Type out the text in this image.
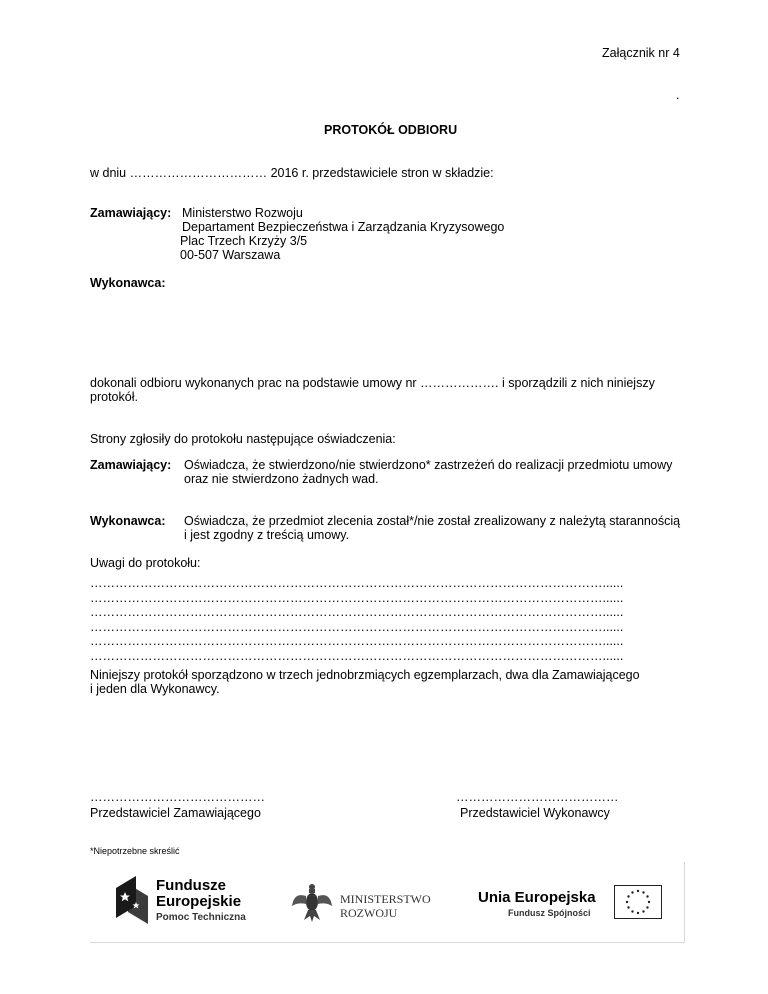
Załącznik nr 4
.
PROTOKÓŁ ODBIORU
w dniu …………………………… 2016 r. przedstawiciele stron w składzie:
Zamawiający: Ministerstwo Rozwoju
Departament Bezpieczeństwa i Zarządzania Kryzysowego
Plac Trzech Krzyży 3/5
00-507 Warszawa
Wykonawca:
dokonali odbioru wykonanych prac na podstawie umowy nr ………………. i sporządzili z nich niniejszy
protokół.
Strony zgłosiły do protokołu następujące oświadczenia:
Zamawiający: Oświadcza, że stwierdzono/nie stwierdzono* zastrzeżeń do realizacji przedmiotu umowy
oraz nie stwierdzono żadnych wad.
Wykonawca: Oświadcza, że przedmiot zlecenia został*/nie został zrealizowany z należytą starannością
i jest zgodny z treścią umowy.
Uwagi do protokołu:
……………………………………………………………………………………………………………......
……………………………………………………………………………………………………………......
……………………………………………………………………………………………………………......
……………………………………………………………………………………………………………......
……………………………………………………………………………………………………………......
……………………………………………………………………………………………………………......
Niniejszy protokół sporządzono w trzech jednobrzmiących egzemplarzach, dwa dla Zamawiającego
i jeden dla Wykonawcy.
……………………………………
Przedstawiciel Zamawiającego
…………………………………
Przedstawiciel Wykonawcy
*Niepotrzebne skreślić
Fundusze
Europejskie
Pomoc Techniczna
MINISTERSTWO
ROZWOJU
Unia Europejska
Fundusz Spójności
